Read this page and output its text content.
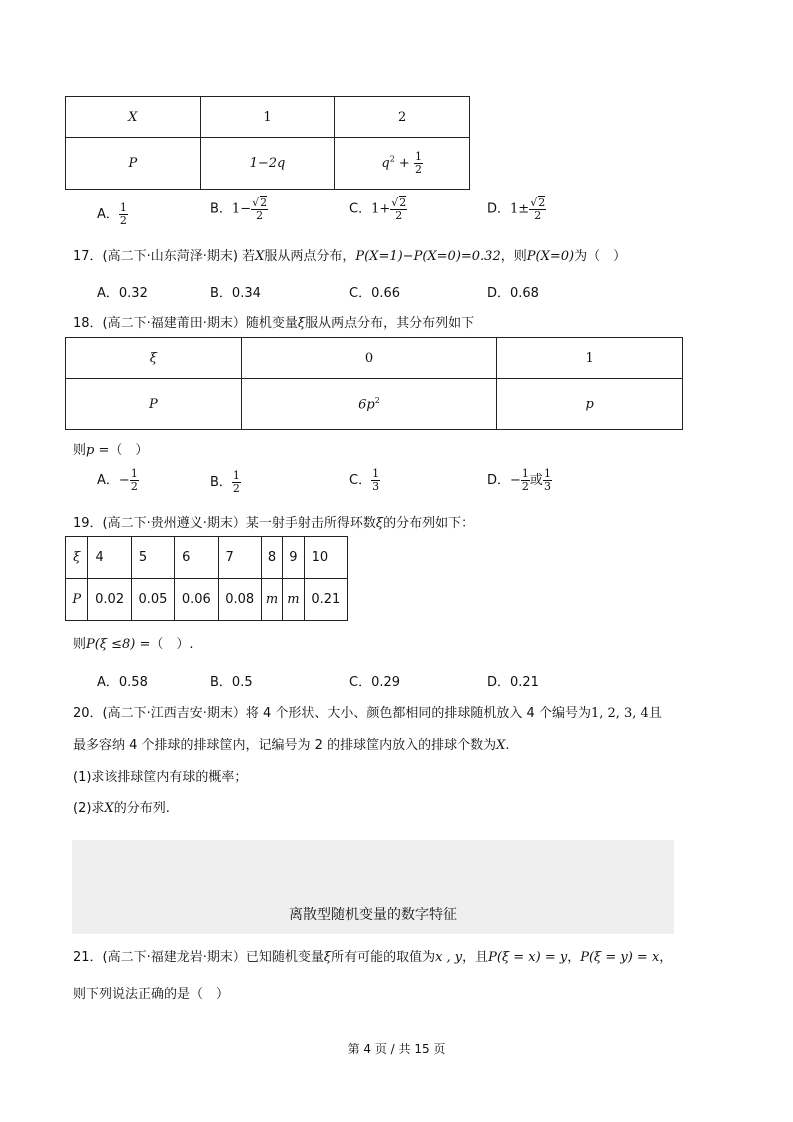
X	1	2
P	1−2q	$q^2 + \frac{1}{2}$
A． $\frac{1}{2}$	B．$1- \frac{√2}{2}$	C．$1+ \frac{√2}{2}$	D．$1\pm \frac{√2}{2}$
17．(高二下·山东菏泽·期末) 若X服从两点分布，P(X=1)−P(X=0)=0.32，则P(X=0)为（　）
A．0.32	B．0.34	C．0.66	D．0.68
18．(高二下·福建莆田·期末）随机变量ξ服从两点分布，其分布列如下
ξ	0	1
P	$6p^2$	p
则p =（　）
A．− $\frac{1}{2}$	B． $\frac{1}{2}$	C． $\frac{1}{3}$	D．− $\frac{1}{2}$ 或 $\frac{1}{3}$
19．(高二下·贵州遵义·期末）某一射手射击所得环数ξ的分布列如下：
ξ	4	5	6	7	8	9	10
P	0.02	0.05	0.06	0.08	m	m	0.21
则P(ξ ≤8) =（　）.
A．0.58	B．0.5	C．0.29	D．0.21
20．(高二下·江西吉安·期末）将 4 个形状、大小、颜色都相同的排球随机放入 4 个编号为1, 2, 3, 4且
最多容纳 4 个排球的排球筐内，记编号为 2 的排球筐内放入的排球个数为X.
(1)求该排球筐内有球的概率；
(2)求X的分布列.
离散型随机变量的数字特征
21．(高二下·福建龙岩·期末）已知随机变量ξ所有可能的取值为x , y，且P(ξ = x) = y，P(ξ = y) = x，
则下列说法正确的是（　）
第 4 页 / 共 15 页
